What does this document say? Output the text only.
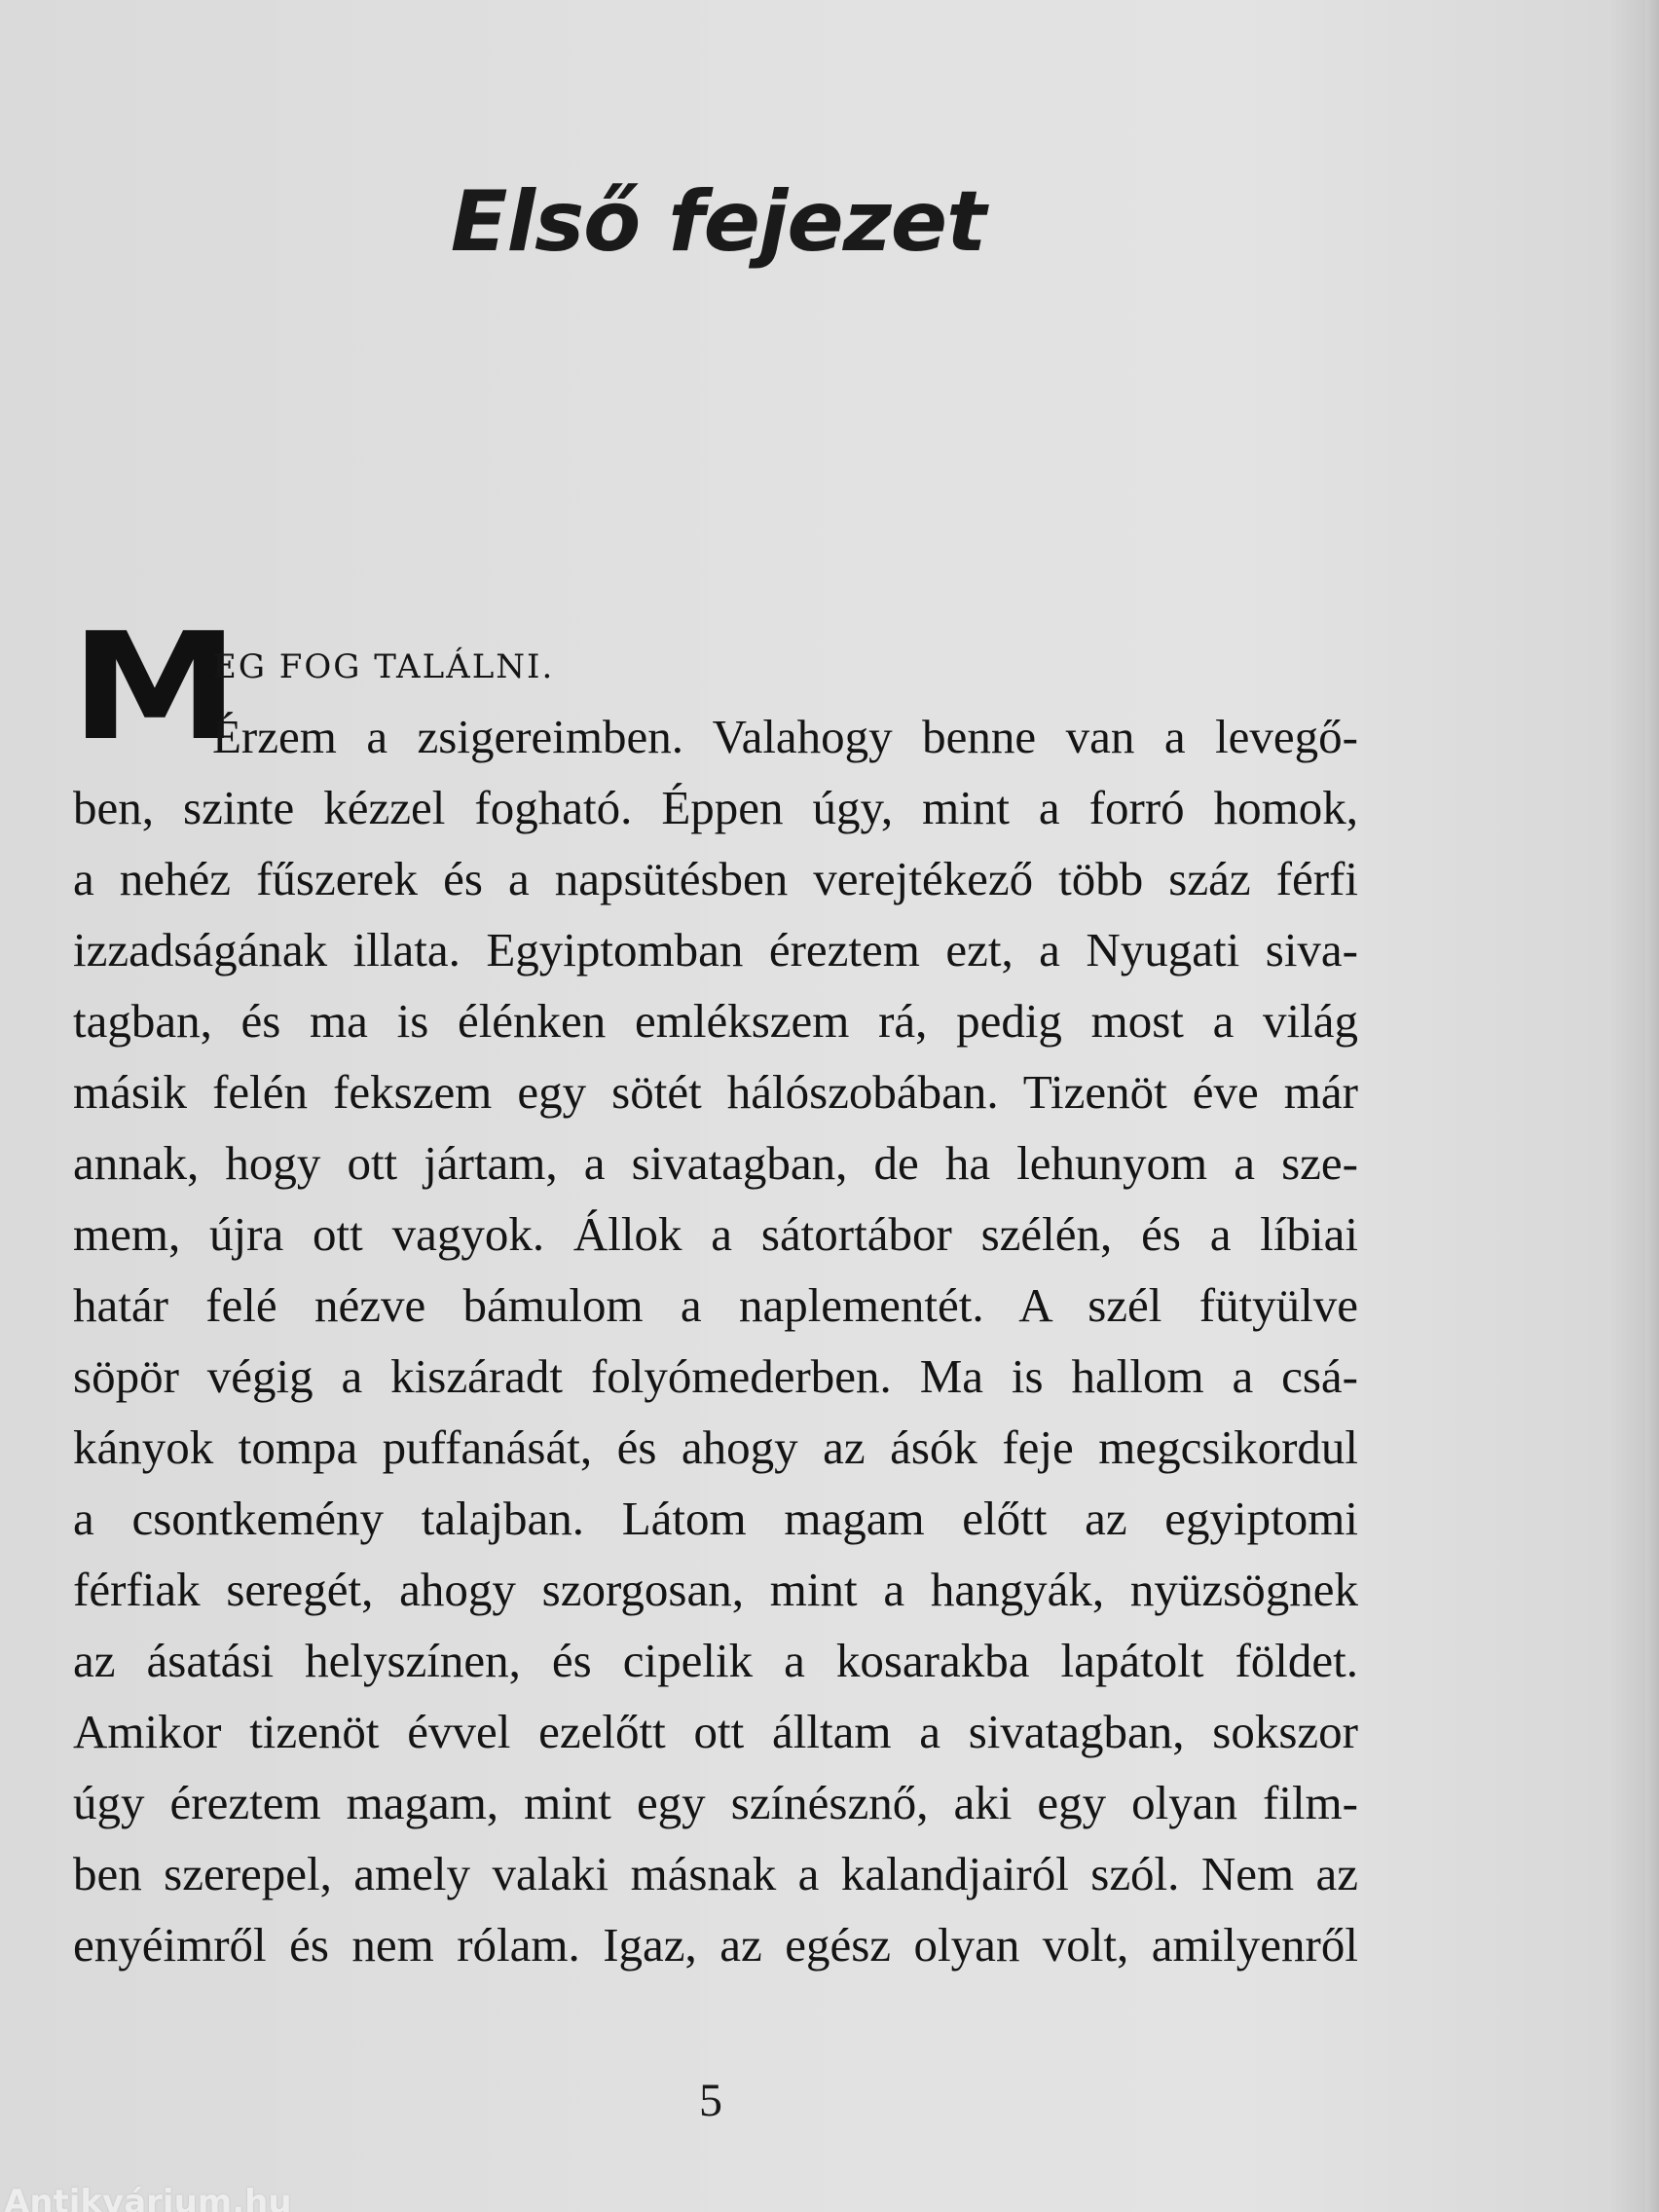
Első fejezet
M
EG FOG TALÁLNI.
Érzem a zsigereimben. Valahogy benne van a levegő-
ben, szinte kézzel fogható. Éppen úgy, mint a forró homok,
a nehéz fűszerek és a napsütésben verejtékező több száz férfi
izzadságának illata. Egyiptomban éreztem ezt, a Nyugati siva-
tagban, és ma is élénken emlékszem rá, pedig most a világ
másik felén fekszem egy sötét hálószobában. Tizenöt éve már
annak, hogy ott jártam, a sivatagban, de ha lehunyom a sze-
mem, újra ott vagyok. Állok a sátortábor szélén, és a líbiai
határ felé nézve bámulom a naplementét. A szél fütyülve
söpör végig a kiszáradt folyómederben. Ma is hallom a csá-
kányok tompa puffanását, és ahogy az ásók feje megcsikordul
a csontkemény talajban. Látom magam előtt az egyiptomi
férfiak seregét, ahogy szorgosan, mint a hangyák, nyüzsögnek
az ásatási helyszínen, és cipelik a kosarakba lapátolt földet.
Amikor tizenöt évvel ezelőtt ott álltam a sivatagban, sokszor
úgy éreztem magam, mint egy színésznő, aki egy olyan film-
ben szerepel, amely valaki másnak a kalandjairól szól. Nem az
enyéimről és nem rólam. Igaz, az egész olyan volt, amilyenről
5
Antikvárium.hu
